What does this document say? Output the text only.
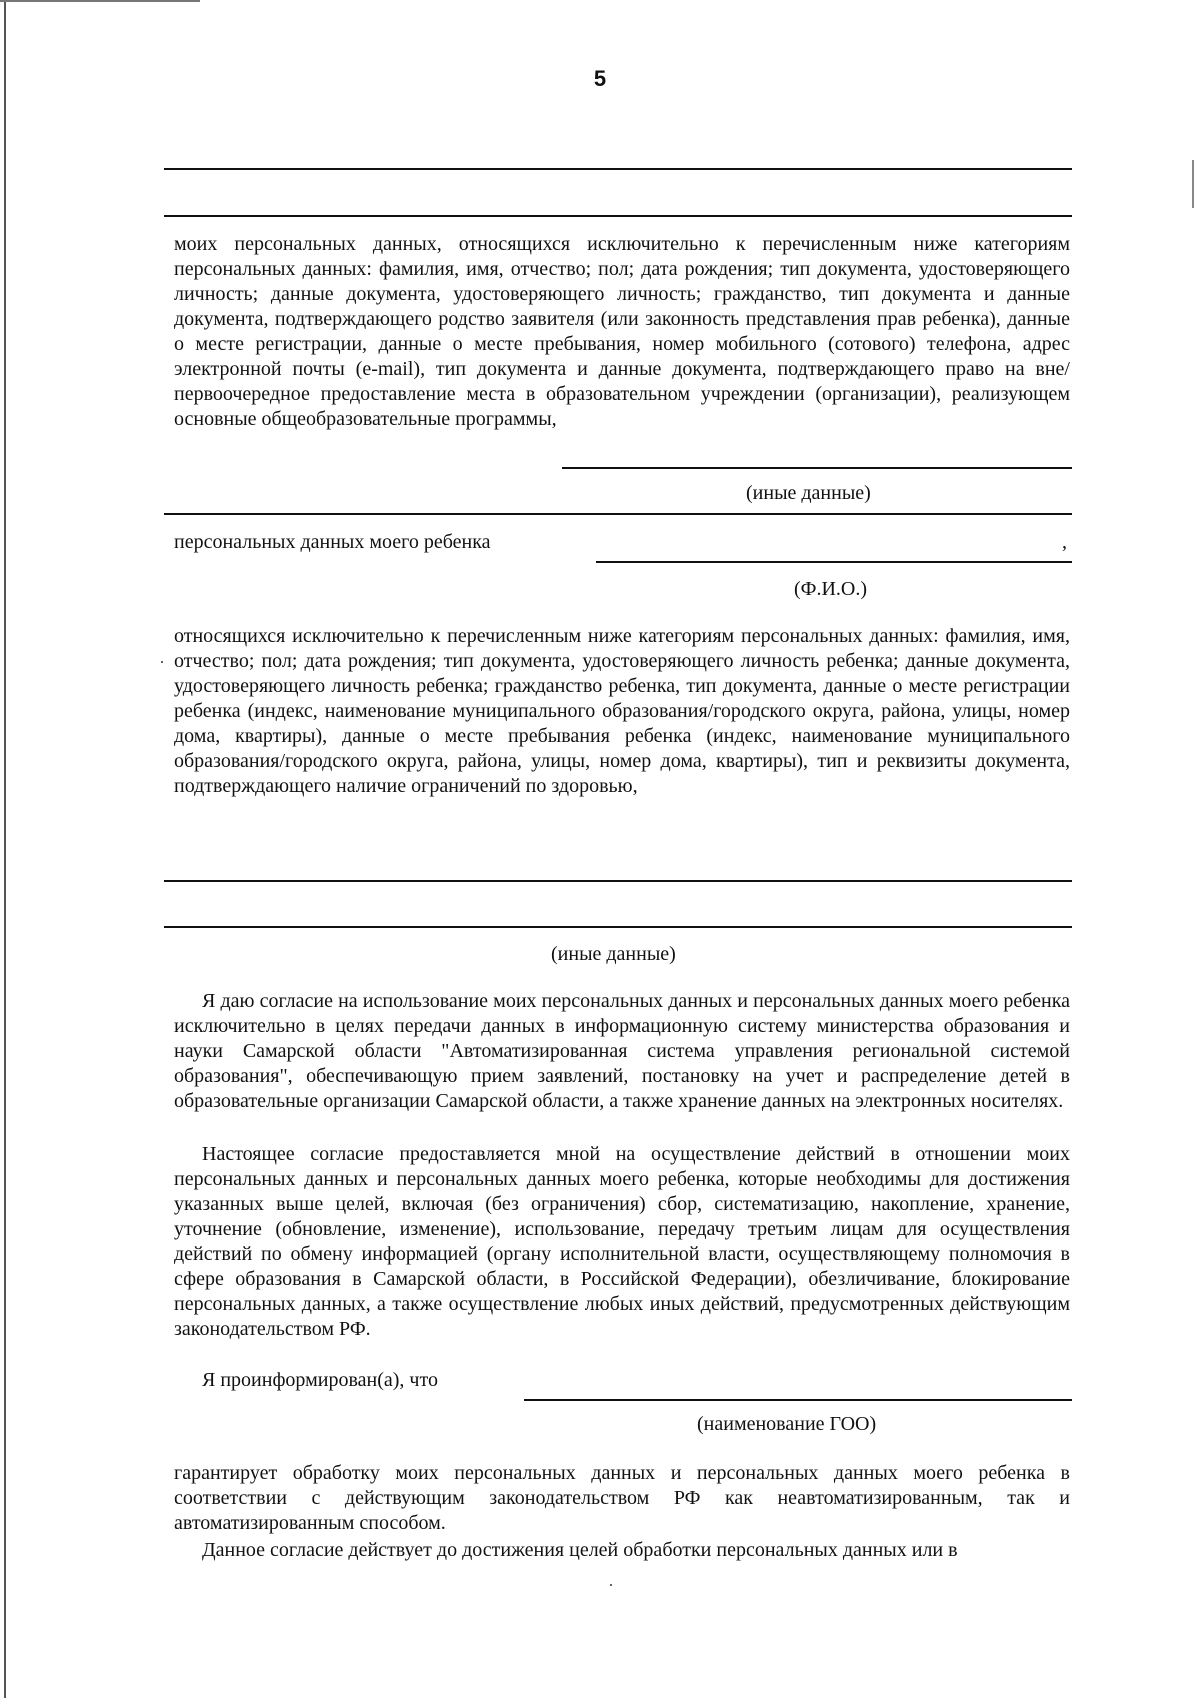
5

моих персональных данных, относящихся исключительно к перечисленным ниже категориям персональных данных: фамилия, имя, отчество; пол; дата рождения; тип документа, удостоверяющего личность; данные документа, удостоверяющего личность; гражданство, тип документа и данные документа, подтверждающего родство заявителя (или законность представления прав ребенка), данные о месте регистрации, данные о месте пребывания, номер мобильного (сотового) телефона, адрес электронной почты (e-mail), тип документа и данные документа, подтверждающего право на вне/первоочередное предоставление места в образовательном учреждении (организации), реализующем основные общеобразовательные программы,

(иные данные)

персональных данных моего ребенка	,

(Ф.И.О.)

относящихся исключительно к перечисленным ниже категориям персональных данных: фамилия, имя, отчество; пол; дата рождения; тип документа, удостоверяющего личность ребенка; данные документа, удостоверяющего личность ребенка; гражданство ребенка, тип документа, данные о месте регистрации ребенка (индекс, наименование муниципального образования/городского округа, района, улицы, номер дома, квартиры), данные о месте пребывания ребенка (индекс, наименование муниципального образования/городского округа, района, улицы, номер дома, квартиры), тип и реквизиты документа, подтверждающего наличие ограничений по здоровью,

(иные данные)

Я даю согласие на использование моих персональных данных и персональных данных моего ребенка исключительно в целях передачи данных в информационную систему министерства образования и науки Самарской области "Автоматизированная система управления региональной системой образования", обеспечивающую прием заявлений, постановку на учет и распределение детей в образовательные организации Самарской области, а также хранение данных на электронных носителях.

Настоящее согласие предоставляется мной на осуществление действий в отношении моих персональных данных и персональных данных моего ребенка, которые необходимы для достижения указанных выше целей, включая (без ограничения) сбор, систематизацию, накопление, хранение, уточнение (обновление, изменение), использование, передачу третьим лицам для осуществления действий по обмену информацией (органу исполнительной власти, осуществляющему полномочия в сфере образования в Самарской области, в Российской Федерации), обезличивание, блокирование персональных данных, а также осуществление любых иных действий, предусмотренных действующим законодательством РФ.

Я проинформирован(а), что

(наименование ГОО)

гарантирует обработку моих персональных данных и персональных данных моего ребенка в соответствии с действующим законодательством РФ как неавтоматизированным, так и автоматизированным способом.

Данное согласие действует до достижения целей обработки персональных данных или в
